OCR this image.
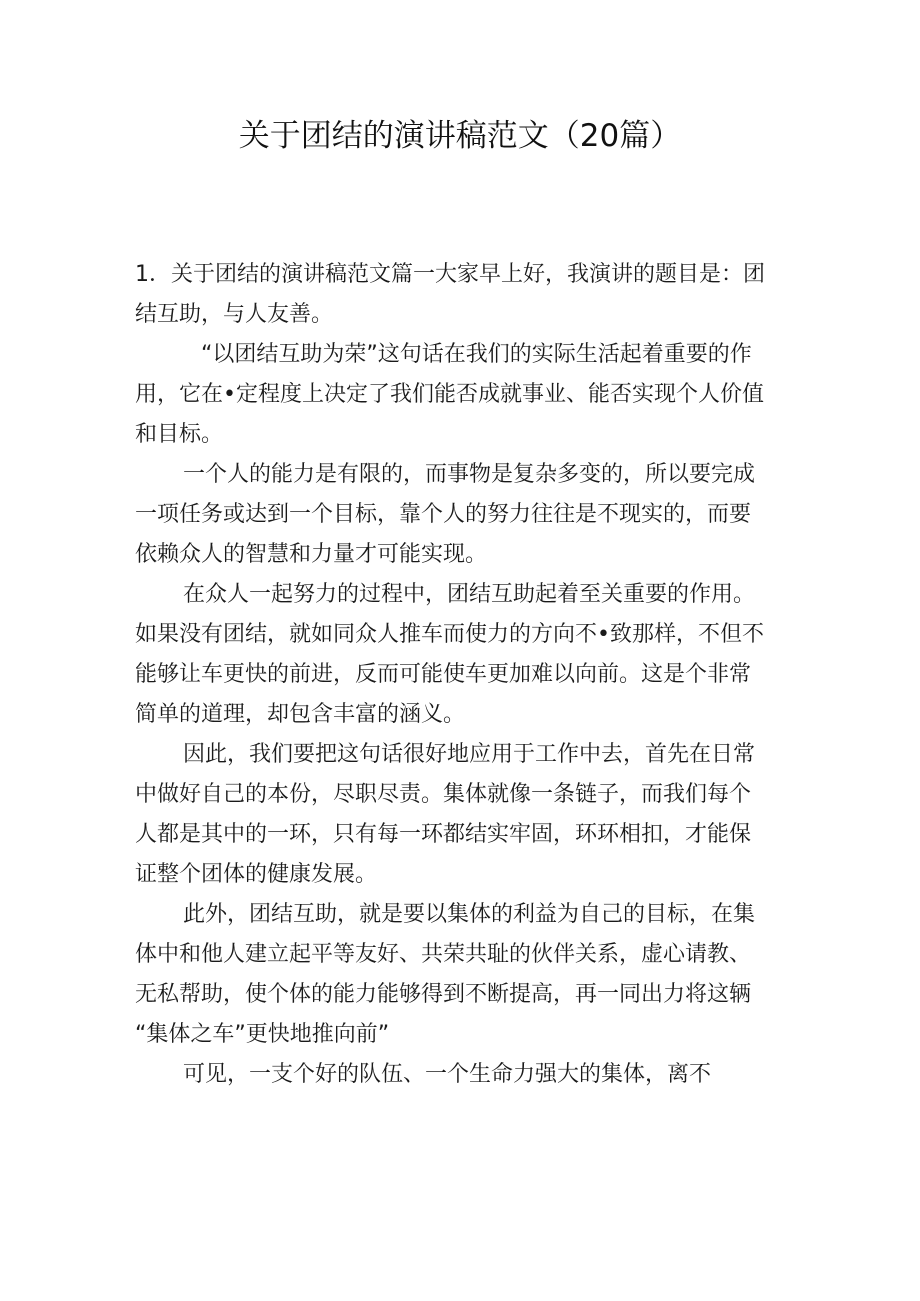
关于团结的演讲稿范文（20篇）
1．关于团结的演讲稿范文篇一大家早上好，我演讲的题目是：团
结互助，与人友善。
“以团结互助为荣”这句话在我们的实际生活起着重要的作
用，它在•定程度上决定了我们能否成就事业、能否实现个人价值
和目标。
一个人的能力是有限的，而事物是复杂多变的，所以要完成
一项任务或达到一个目标，靠个人的努力往往是不现实的，而要
依赖众人的智慧和力量才可能实现。
在众人一起努力的过程中，团结互助起着至关重要的作用。
如果没有团结，就如同众人推车而使力的方向不•致那样，不但不
能够让车更快的前进，反而可能使车更加难以向前。这是个非常
简单的道理，却包含丰富的涵义。
因此，我们要把这句话很好地应用于工作中去，首先在日常
中做好自己的本份，尽职尽责。集体就像一条链子，而我们每个
人都是其中的一环，只有每一环都结实牢固，环环相扣，才能保
证整个团体的健康发展。
此外，团结互助，就是要以集体的利益为自己的目标，在集
体中和他人建立起平等友好、共荣共耻的伙伴关系，虚心请教、
无私帮助，使个体的能力能够得到不断提高，再一同出力将这辆
“集体之车”更快地推向前”
可见，一支个好的队伍、一个生命力强大的集体，离不
